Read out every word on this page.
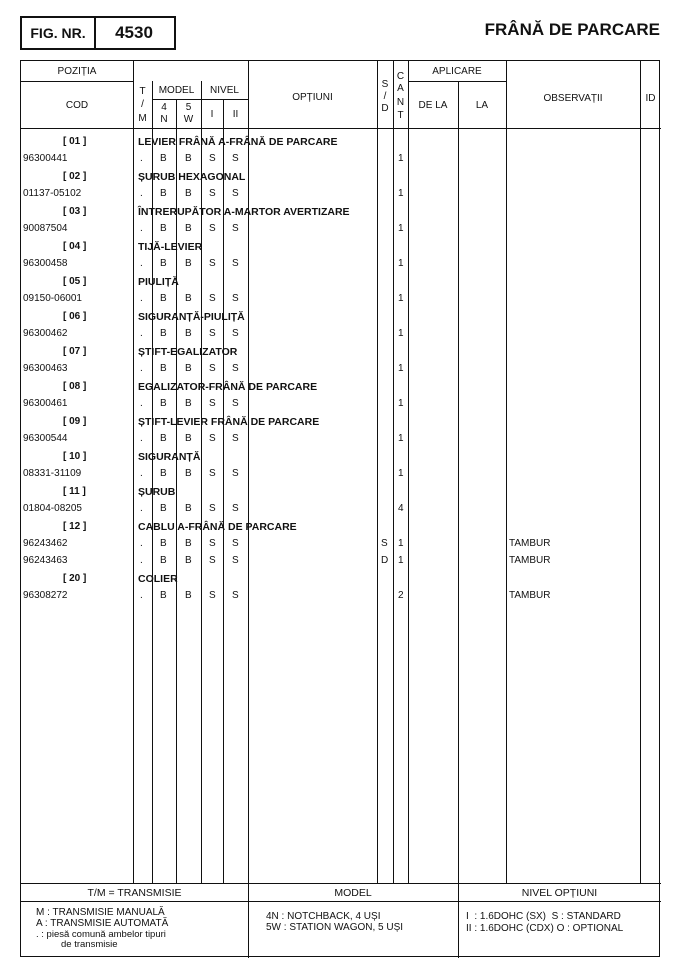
FIG. NR.	4530	FRÂNĂ DE PARCARE
POZIȚIA
COD
T
/
M
MODEL
4
N
5
W
NIVEL
I	II
OPȚIUNI
S
/
D
C
A
N
T
APLICARE
DE LA	LA
OBSERVAȚII	ID
[ 01 ]	LEVIER FRÂNĂ A-FRÂNĂ DE PARCARE
96300441	. B B S S	1
[ 02 ]	ȘURUB HEXAGONAL
01137-05102	. B B S S	1
[ 03 ]	ÎNTRERUPĂTOR A-MARTOR AVERTIZARE
90087504	. B B S S	1
[ 04 ]	TIJĂ-LEVIER
96300458	. B B S S	1
[ 05 ]	PIULIȚĂ
09150-06001	. B B S S	1
[ 06 ]	SIGURANȚĂ-PIULIȚĂ
96300462	. B B S S	1
[ 07 ]	ȘTIFT-EGALIZATOR
96300463	. B B S S	1
[ 08 ]	EGALIZATOR-FRÂNĂ DE PARCARE
96300461	. B B S S	1
[ 09 ]	ȘTIFT-LEVIER FRÂNĂ DE PARCARE
96300544	. B B S S	1
[ 10 ]	SIGURANȚĂ
08331-31109	. B B S S	1
[ 11 ]	ȘURUB
01804-08205	. B B S S	4
[ 12 ]	CABLU A-FRÂNĂ DE PARCARE
96243462	. B B S S	S 1	TAMBUR
96243463	. B B S S	D 1	TAMBUR
[ 20 ]	COLIER
96308272	. B B S S	2	TAMBUR
T/M = TRANSMISIE	MODEL	NIVEL OPȚIUNI
M : TRANSMISIE MANUALĂ
A : TRANSMISIE AUTOMATĂ
. : piesă comună ambelor tipuri
de transmisie
4N : NOTCHBACK, 4 UȘI
5W : STATION WAGON, 5 UȘI
I  : 1.6DOHC (SX)  S : STANDARD
II : 1.6DOHC (CDX) O : OPTIONAL
